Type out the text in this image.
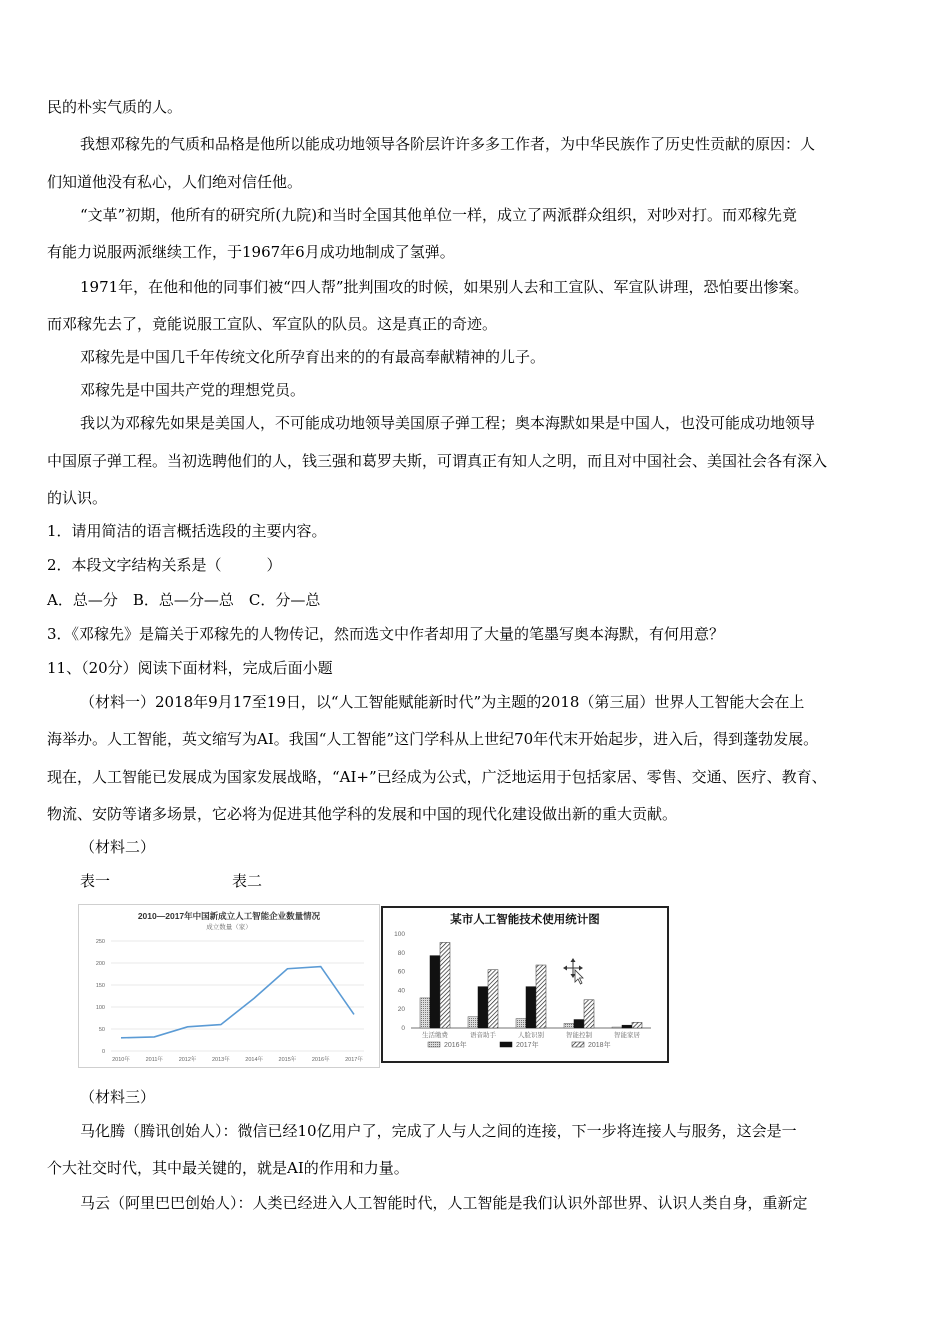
民的朴实气质的人。
我想邓稼先的气质和品格是他所以能成功地领导各阶层许许多多工作者，为中华民族作了历史性贡献的原因：人
们知道他没有私心，人们绝对信任他。
“文革”初期，他所有的研究所(九院)和当时全国其他单位一样，成立了两派群众组织，对吵对打。而邓稼先竟
有能力说服两派继续工作，于1967年6月成功地制成了氢弹。
1971年，在他和他的同事们被“四人帮”批判围攻的时候，如果别人去和工宣队、军宣队讲理，恐怕要出惨案。
而邓稼先去了，竟能说服工宣队、军宣队的队员。这是真正的奇迹。
邓稼先是中国几千年传统文化所孕育出来的的有最高奉献精神的儿子。
邓稼先是中国共产党的理想党员。
我以为邓稼先如果是美国人，不可能成功地领导美国原子弹工程；奥本海默如果是中国人，也没可能成功地领导
中国原子弹工程。当初选聘他们的人，钱三强和葛罗夫斯，可谓真正有知人之明，而且对中国社会、美国社会各有深入
的认识。
1．请用简洁的语言概括选段的主要内容。
2．本段文字结构关系是（　　　）
A．总—分　B．总—分—总　C．分—总
3．《邓稼先》是篇关于邓稼先的人物传记，然而选文中作者却用了大量的笔墨写奥本海默，有何用意？
11、（20分）阅读下面材料，完成后面小题
（材料一）2018年9月17至19日，以“人工智能赋能新时代”为主题的2018（第三届）世界人工智能大会在上
海举办。人工智能，英文缩写为AI。我国“人工智能”这门学科从上世纪70年代末开始起步，进入后，得到蓬勃发展。
现在，人工智能已发展成为国家发展战略，“AI+”已经成为公式，广泛地运用于包括家居、零售、交通、医疗、教育、
物流、安防等诸多场景，它必将为促进其他学科的发展和中国的现代化建设做出新的重大贡献。
（材料二）
表一	表二
2010—2017年中国新成立人工智能企业数量情况
成立数量（家）
0
50
100
150
200
250
2010年	2011年	2012年	2013年	2014年	2015年	2016年	2017年
某市人工智能技术使用统计图
0
20
40
60
80
100
生活缴费	语音助手	人脸识别	智能控制	智能家居
2016年	2017年	2018年
（材料三）
马化腾（腾讯创始人）：微信已经10亿用户了，完成了人与人之间的连接，下一步将连接人与服务，这会是一
个大社交时代，其中最关键的，就是AI的作用和力量。
马云（阿里巴巴创始人）：人类已经进入人工智能时代，人工智能是我们认识外部世界、认识人类自身，重新定
